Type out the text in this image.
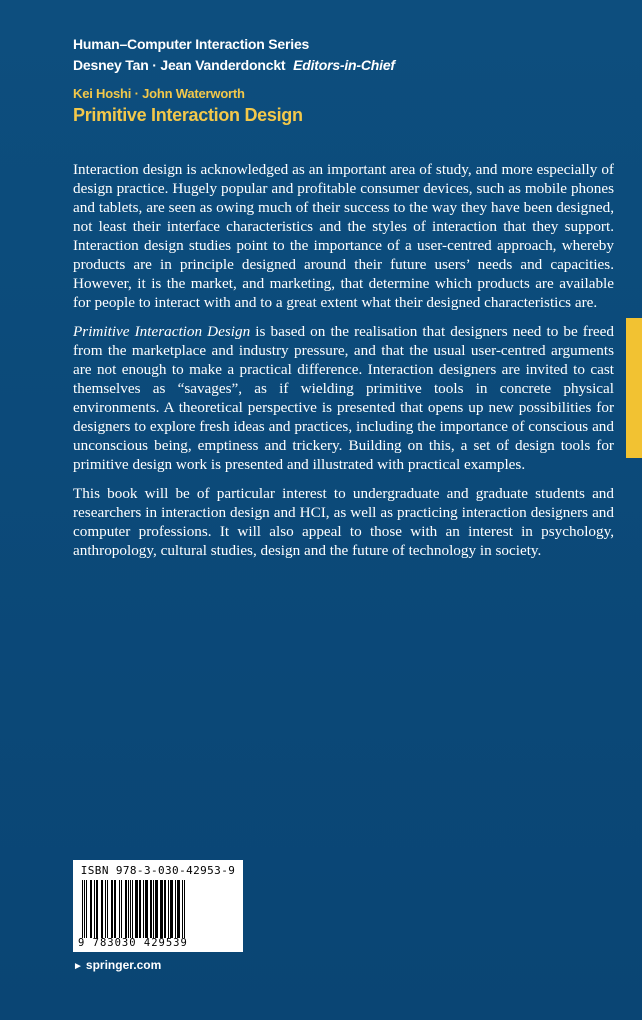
Human–Computer Interaction Series
Desney Tan · Jean Vanderdonckt Editors-in-Chief
Kei Hoshi · John Waterworth
Primitive Interaction Design

Interaction design is acknowledged as an important area of study, and more especially of design practice. Hugely popular and profitable consumer devices, such as mobile phones and tablets, are seen as owing much of their success to the way they have been designed, not least their interface characteristics and the styles of interaction that they support. Interaction design studies point to the importance of a user-centred approach, whereby products are in principle designed around their future users’ needs and capacities. However, it is the market, and marketing, that determine which products are available for people to interact with and to a great extent what their designed characteristics are.

Primitive Interaction Design is based on the realisation that designers need to be freed from the marketplace and industry pressure, and that the usual user-centred arguments are not enough to make a practical difference. Interaction designers are invited to cast themselves as “savages”, as if wielding primitive tools in concrete physical environments. A theoretical perspective is presented that opens up new possibilities for designers to explore fresh ideas and practices, including the importance of conscious and unconscious being, emptiness and trickery. Building on this, a set of design tools for primitive design work is presented and illustrated with practical examples.

This book will be of particular interest to undergraduate and graduate students and researchers in interaction design and HCI, as well as practicing interaction designers and computer professions. It will also appeal to those with an interest in psychology, anthropology, cultural studies, design and the future of technology in society.

ISBN 978-3-030-42953-9
9 783030 429539
► springer.com
